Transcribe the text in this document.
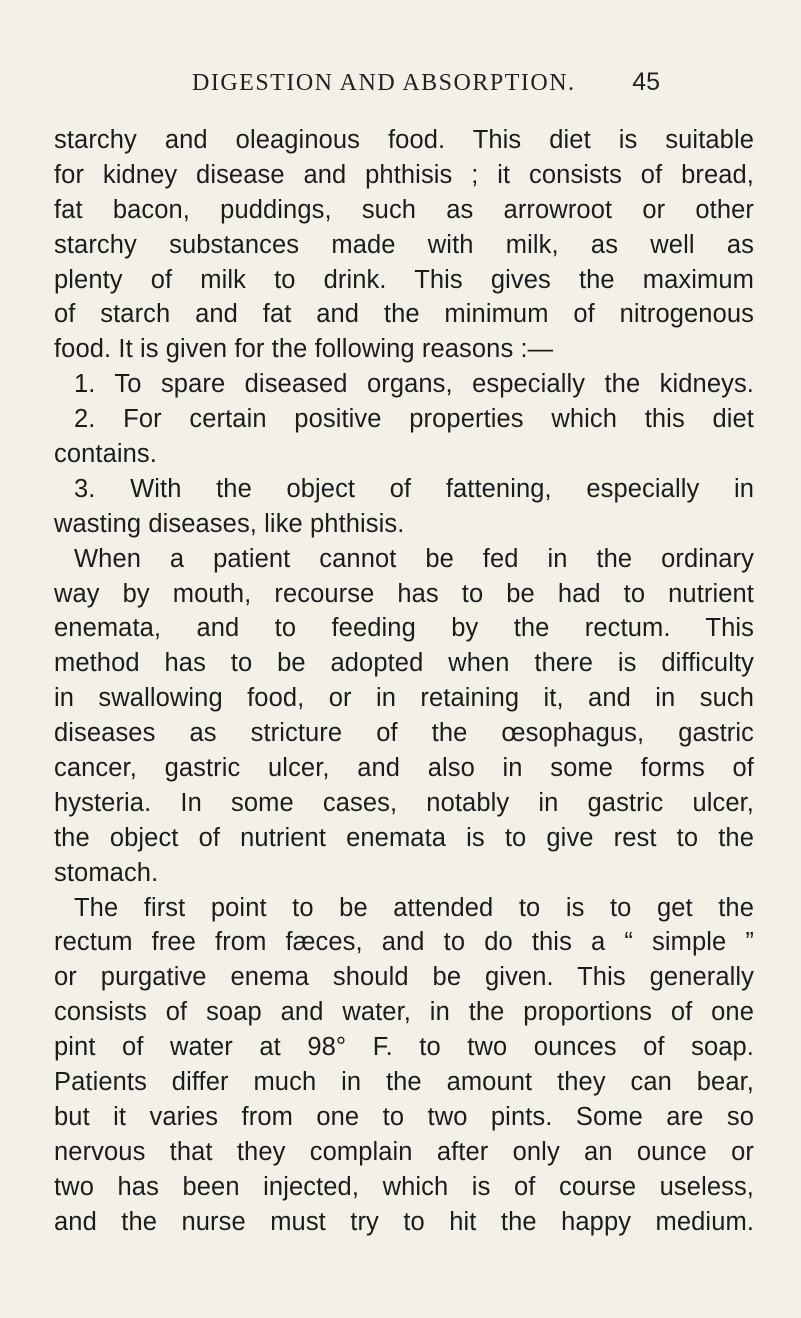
DIGESTION AND ABSORPTION. 45
starchy and oleaginous food. This diet is suitable
for kidney disease and phthisis ; it consists of bread,
fat bacon, puddings, such as arrowroot or other
starchy substances made with milk, as well as
plenty of milk to drink. This gives the maximum
of starch and fat and the minimum of nitrogenous
food. It is given for the following reasons :—
1. To spare diseased organs, especially the kidneys.
2. For certain positive properties which this diet
contains.
3. With the object of fattening, especially in
wasting diseases, like phthisis.
When a patient cannot be fed in the ordinary
way by mouth, recourse has to be had to nutrient
enemata, and to feeding by the rectum. This
method has to be adopted when there is difficulty
in swallowing food, or in retaining it, and in such
diseases as stricture of the œsophagus, gastric
cancer, gastric ulcer, and also in some forms of
hysteria. In some cases, notably in gastric ulcer,
the object of nutrient enemata is to give rest to the
stomach.
The first point to be attended to is to get the
rectum free from fæces, and to do this a “ simple ”
or purgative enema should be given. This generally
consists of soap and water, in the proportions of one
pint of water at 98° F. to two ounces of soap.
Patients differ much in the amount they can bear,
but it varies from one to two pints. Some are so
nervous that they complain after only an ounce or
two has been injected, which is of course useless,
and the nurse must try to hit the happy medium.
